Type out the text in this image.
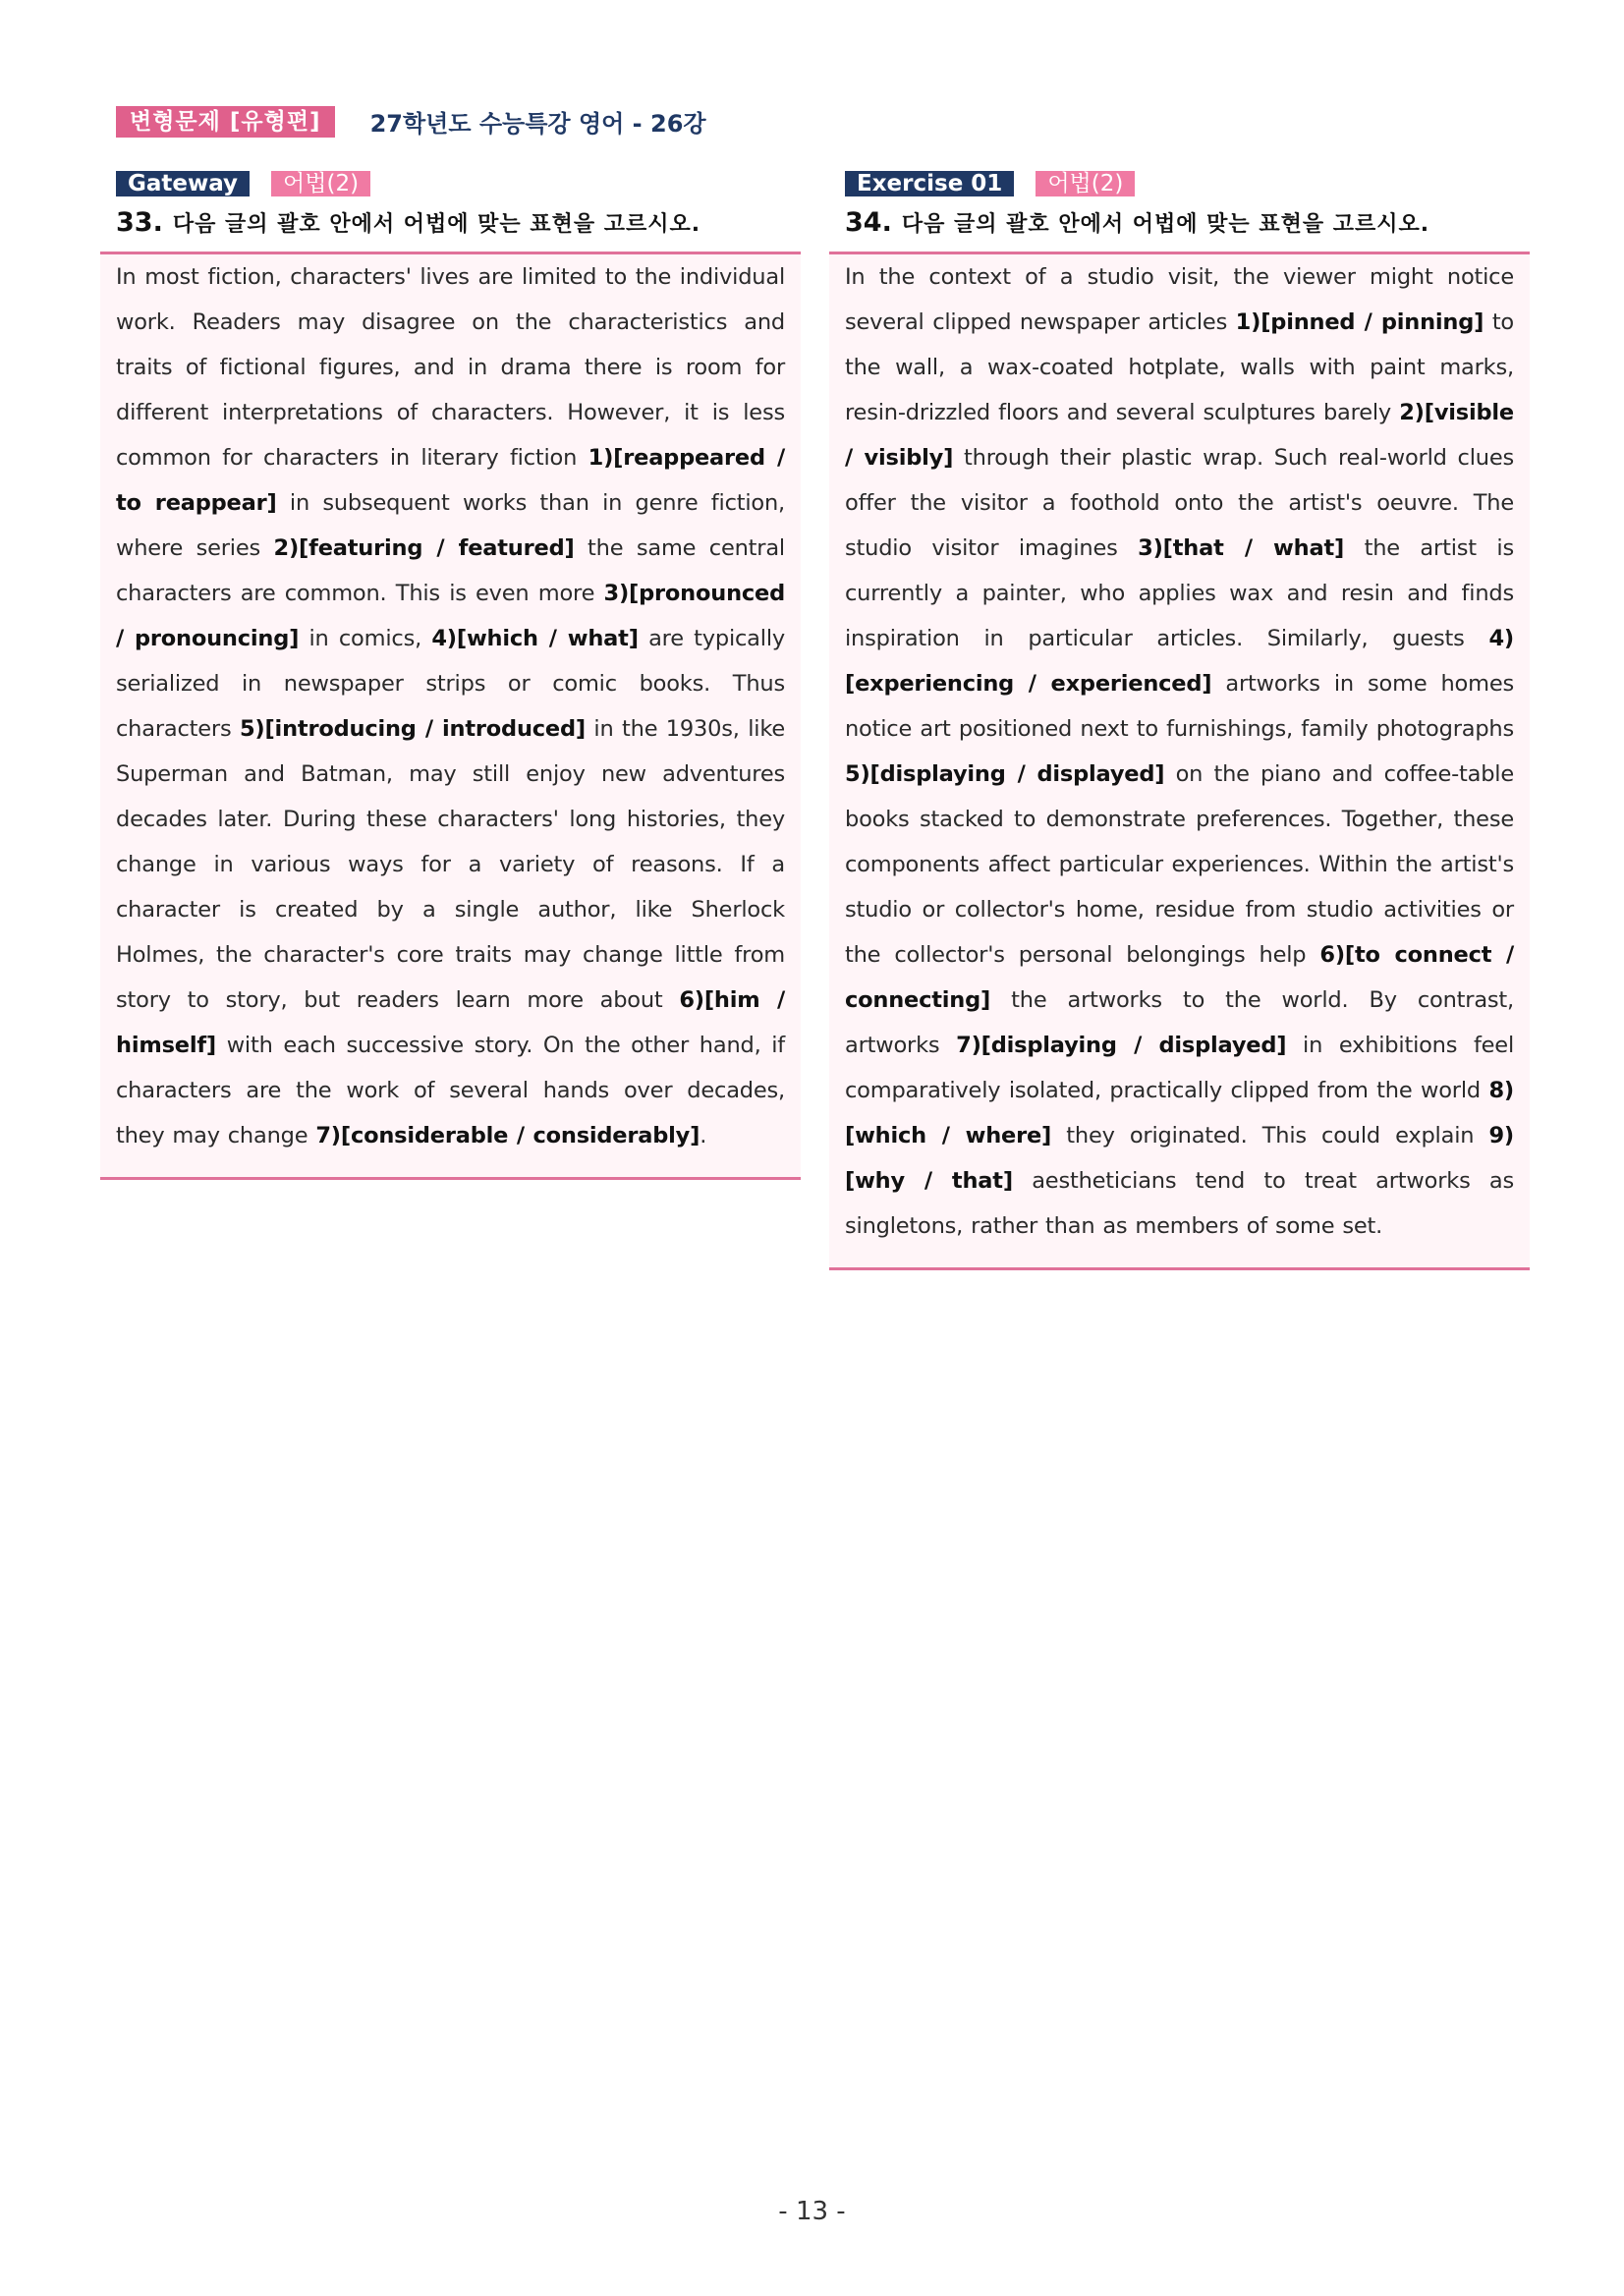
변형문제 [유형편]	27학년도 수능특강 영어 - 26강
Gateway	어법(2)
33. 다음 글의 괄호 안에서 어법에 맞는 표현을 고르시오.

In most fiction, characters' lives are limited to the individual work. Readers may disagree on the characteristics and traits of fictional figures, and in drama there is room for different interpretations of characters. However, it is less common for characters in literary fiction 1)[reappeared / to reappear] in subsequent works than in genre fiction, where series 2)[featuring / featured] the same central characters are common. This is even more 3)[pronounced / pronouncing] in comics, 4)[which / what] are typically serialized in newspaper strips or comic books. Thus characters 5)[introducing / introduced] in the 1930s, like Superman and Batman, may still enjoy new adventures decades later. During these characters' long histories, they change in various ways for a variety of reasons. If a character is created by a single author, like Sherlock Holmes, the character's core traits may change little from story to story, but readers learn more about 6)[him / himself] with each successive story. On the other hand, if characters are the work of several hands over decades, they may change 7)[considerable / considerably].

Exercise 01	어법(2)
34. 다음 글의 괄호 안에서 어법에 맞는 표현을 고르시오.

In the context of a studio visit, the viewer might notice several clipped newspaper articles 1)[pinned / pinning] to the wall, a wax-coated hotplate, walls with paint marks, resin-drizzled floors and several sculptures barely 2)[visible / visibly] through their plastic wrap. Such real-world clues offer the visitor a foothold onto the artist's oeuvre. The studio visitor imagines 3)[that / what] the artist is currently a painter, who applies wax and resin and finds inspiration in particular articles. Similarly, guests 4)[experiencing / experienced] artworks in some homes notice art positioned next to furnishings, family photographs 5)[displaying / displayed] on the piano and coffee-table books stacked to demonstrate preferences. Together, these components affect particular experiences. Within the artist's studio or collector's home, residue from studio activities or the collector's personal belongings help 6)[to connect / connecting] the artworks to the world. By contrast, artworks 7)[displaying / displayed] in exhibitions feel comparatively isolated, practically clipped from the world 8)[which / where] they originated. This could explain 9)[why / that] aestheticians tend to treat artworks as singletons, rather than as members of some set.

- 13 -
